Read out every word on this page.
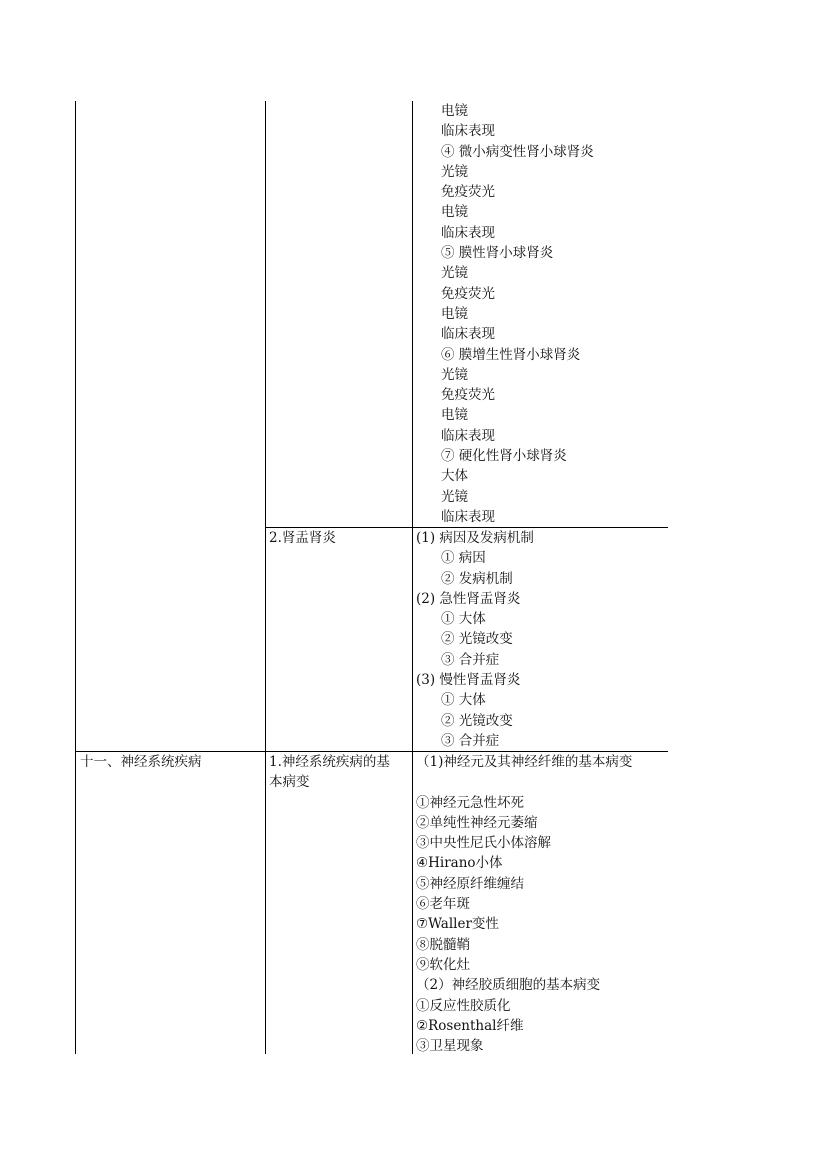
电镜
临床表现
④ 微小病变性肾小球肾炎
光镜
免疫荧光
电镜
临床表现
⑤ 膜性肾小球肾炎
光镜
免疫荧光
电镜
临床表现
⑥ 膜增生性肾小球肾炎
光镜
免疫荧光
电镜
临床表现
⑦ 硬化性肾小球肾炎
大体
光镜
临床表现
2.肾盂肾炎	(1) 病因及发病机制
① 病因
② 发病机制
(2) 急性肾盂肾炎
① 大体
② 光镜改变
③ 合并症
(3) 慢性肾盂肾炎
① 大体
② 光镜改变
③ 合并症
十一、神经系统疾病	1.神经系统疾病的基
本病变
（1)神经元及其神经纤维的基本病变
①神经元急性坏死
②单纯性神经元萎缩
③中央性尼氏小体溶解
④Hirano小体
⑤神经原纤维缠结
⑥老年斑
⑦Waller变性
⑧脱髓鞘
⑨软化灶
（2）神经胶质细胞的基本病变
①反应性胶质化
②Rosenthal纤维
③卫星现象
